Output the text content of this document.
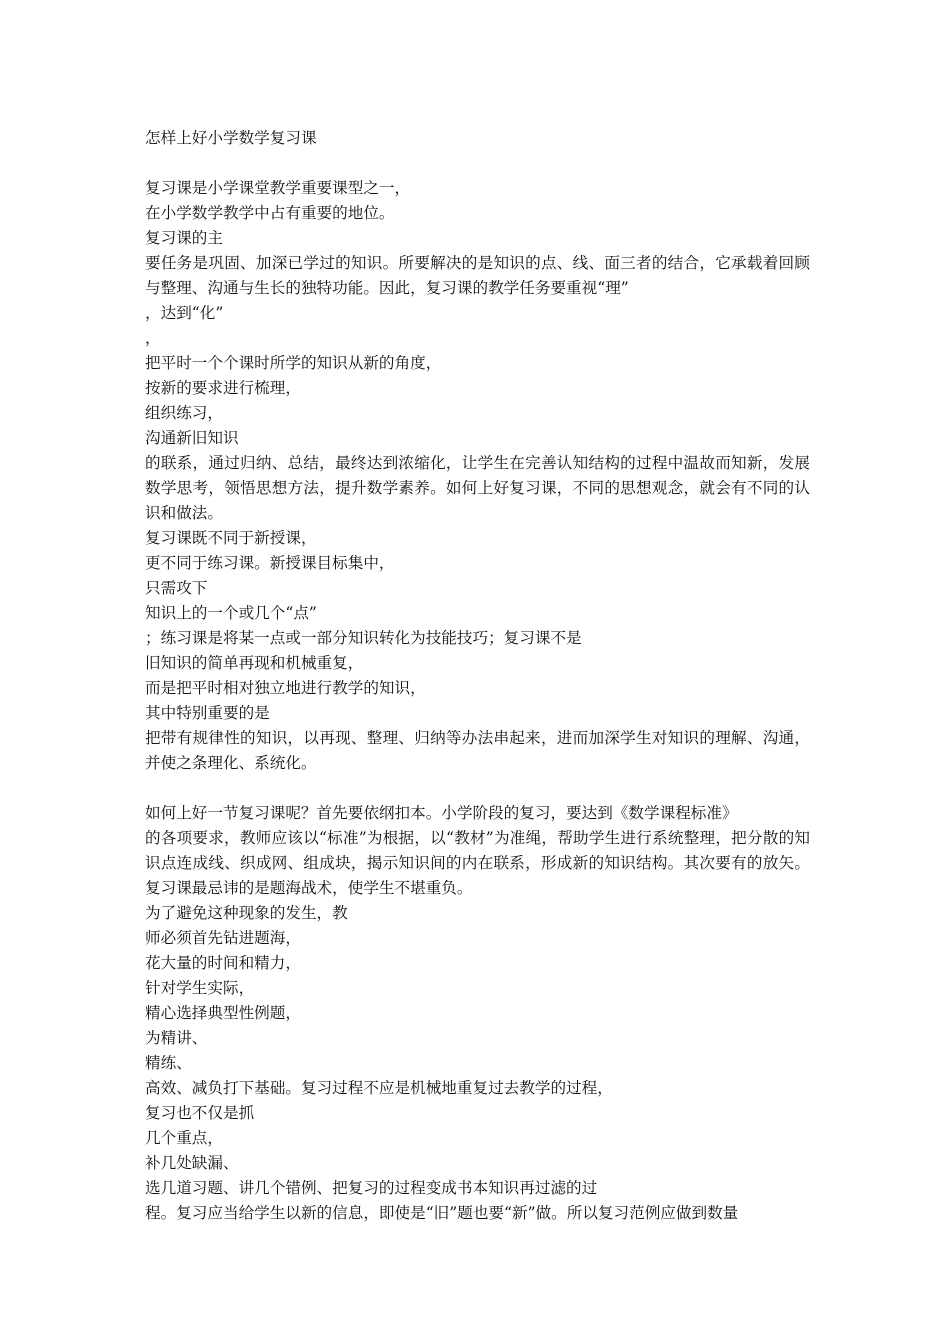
怎样上好小学数学复习课
复习课是小学课堂教学重要课型之一，
在小学数学教学中占有重要的地位。
复习课的主
要任务是巩固、加深已学过的知识。所要解决的是知识的点、线、面三者的结合，它承载着回顾与整理、沟通与生长的独特功能。因此，复习课的教学任务要重视“理”
，达到“化”
，
把平时一个个课时所学的知识从新的角度，
按新的要求进行梳理，
组织练习，
沟通新旧知识
的联系，通过归纳、总结，最终达到浓缩化，让学生在完善认知结构的过程中温故而知新，发展数学思考，领悟思想方法，提升数学素养。如何上好复习课，不同的思想观念，就会有不同的认识和做法。
复习课既不同于新授课，
更不同于练习课。新授课目标集中，
只需攻下
知识上的一个或几个“点”
；练习课是将某一点或一部分知识转化为技能技巧；复习课不是
旧知识的简单再现和机械重复，
而是把平时相对独立地进行教学的知识，
其中特别重要的是
把带有规律性的知识，以再现、整理、归纳等办法串起来，进而加深学生对知识的理解、沟通，并使之条理化、系统化。
如何上好一节复习课呢？首先要依纲扣本。小学阶段的复习，要达到《数学课程标准》
的各项要求，教师应该以“标准”为根据，以“教材”为准绳，帮助学生进行系统整理，把分散的知识点连成线、织成网、组成块，揭示知识间的内在联系，形成新的知识结构。其次要有的放矢。复习课最忌讳的是题海战术，使学生不堪重负。
为了避免这种现象的发生，教
师必须首先钻进题海，
花大量的时间和精力，
针对学生实际，
精心选择典型性例题，
为精讲、
精练、
高效、减负打下基础。复习过程不应是机械地重复过去教学的过程，
复习也不仅是抓
几个重点，
补几处缺漏、
选几道习题、讲几个错例、把复习的过程变成书本知识再过滤的过
程。复习应当给学生以新的信息，即使是“旧”题也要“新”做。所以复习范例应做到数量
